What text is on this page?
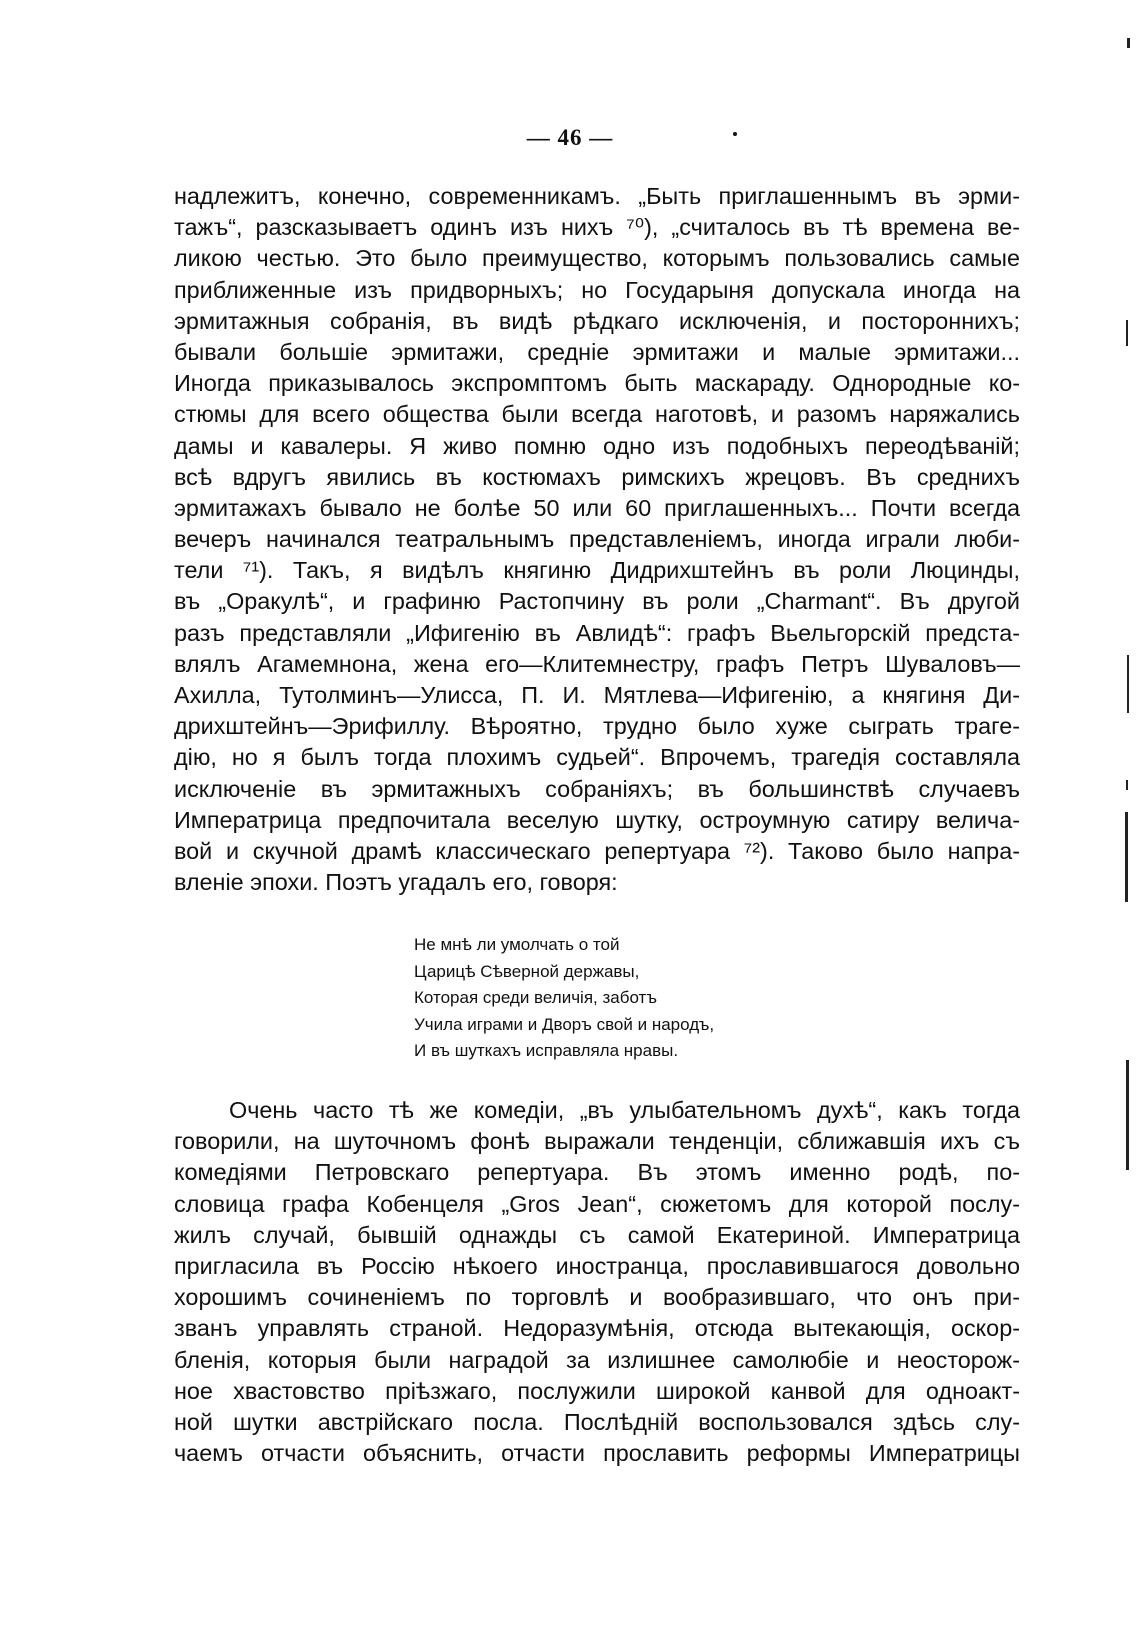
— 46 —
надлежитъ, конечно, современникамъ. „Быть приглашеннымъ въ эрми-
тажъ“, разсказываетъ одинъ изъ нихъ ⁷⁰), „считалось въ тѣ времена ве-
ликою честью. Это было преимущество, которымъ пользовались самые
приближенные изъ придворныхъ; но Государыня допускала иногда на
эрмитажныя собранія, въ видѣ рѣдкаго исключенія, и постороннихъ;
бывали большіе эрмитажи, средніе эрмитажи и малые эрмитажи...
Иногда приказывалось экспромптомъ быть маскараду. Однородные ко-
стюмы для всего общества были всегда наготовѣ, и разомъ наряжались
дамы и кавалеры. Я живо помню одно изъ подобныхъ переодѣваній;
всѣ вдругъ явились въ костюмахъ римскихъ жрецовъ. Въ среднихъ
эрмитажахъ бывало не болѣе 50 или 60 приглашенныхъ... Почти всегда
вечеръ начинался театральнымъ представленіемъ, иногда играли люби-
тели ⁷¹). Такъ, я видѣлъ княгиню Дидрихштейнъ въ роли Люцинды,
въ „Оракулѣ“, и графиню Растопчину въ роли „Charmant“. Въ другой
разъ представляли „Ифигенію въ Авлидѣ“: графъ Вьельгорскій предста-
влялъ Агамемнона, жена его—Клитемнестру, графъ Петръ Шуваловъ—
Ахилла, Тутолминъ—Улисса, П. И. Мятлева—Ифигенію, а княгиня Ди-
дрихштейнъ—Эрифиллу. Вѣроятно, трудно было хуже сыграть траге-
дію, но я былъ тогда плохимъ судьей“. Впрочемъ, трагедія составляла
исключеніе въ эрмитажныхъ собраніяхъ; въ большинствѣ случаевъ
Императрица предпочитала веселую шутку, остроумную сатиру велича-
вой и скучной драмѣ классическаго репертуара ⁷²). Таково было напра-
вленіе эпохи. Поэтъ угадалъ его, говоря:
Не мнѣ ли умолчать о той
Царицѣ Сѣверной державы,
Которая среди величія, заботъ
Учила играми и Дворъ свой и народъ,
И въ шуткахъ исправляла нравы.
Очень часто тѣ же комедіи, „въ улыбательномъ духѣ“, какъ тогда
говорили, на шуточномъ фонѣ выражали тенденціи, сближавшія ихъ съ
комедіями Петровскаго репертуара. Въ этомъ именно родѣ, по-
словица графа Кобенцеля „Gros Jean“, сюжетомъ для которой послу-
жилъ случай, бывшій однажды съ самой Екатериной. Императрица
пригласила въ Россію нѣкоего иностранца, прославившагося довольно
хорошимъ сочиненіемъ по торговлѣ и вообразившаго, что онъ при-
званъ управлять страной. Недоразумѣнія, отсюда вытекающія, оскор-
бленія, которыя были наградой за излишнее самолюбіе и неосторож-
ное хвастовство пріѣзжаго, послужили широкой канвой для одноакт-
ной шутки австрійскаго посла. Послѣдній воспользовался здѣсь слу-
чаемъ отчасти объяснить, отчасти прославить реформы Императрицы
